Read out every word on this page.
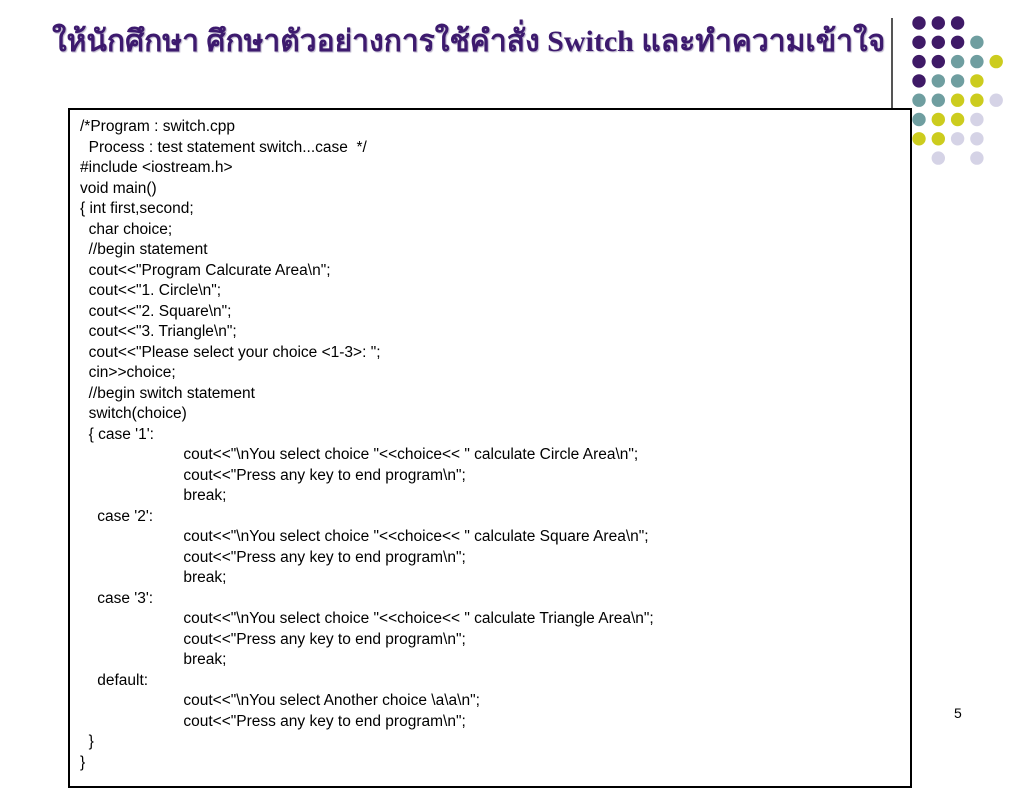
ให้นักศึกษา ศึกษาตัวอย่างการใช้คำสั่ง Switch และทำความเข้าใจ
/*Program : switch.cpp
Process : test statement switch...case  */
#include <iostream.h>
void main()
{ int first,second;
char choice;
//begin statement
cout<<"Program Calcurate Area\n";
cout<<"1. Circle\n";
cout<<"2. Square\n";
cout<<"3. Triangle\n";
cout<<"Please select your choice <1-3>: ";
cin>>choice;
//begin switch statement
switch(choice)
{ case '1':
cout<<"\nYou select choice "<<choice<< " calculate Circle Area\n";
cout<<"Press any key to end program\n";
break;
case '2':
cout<<"\nYou select choice "<<choice<< " calculate Square Area\n";
cout<<"Press any key to end program\n";
break;
case '3':
cout<<"\nYou select choice "<<choice<< " calculate Triangle Area\n";
cout<<"Press any key to end program\n";
break;
default:
cout<<"\nYou select Another choice \a\a\n";
cout<<"Press any key to end program\n";
}
}
5
